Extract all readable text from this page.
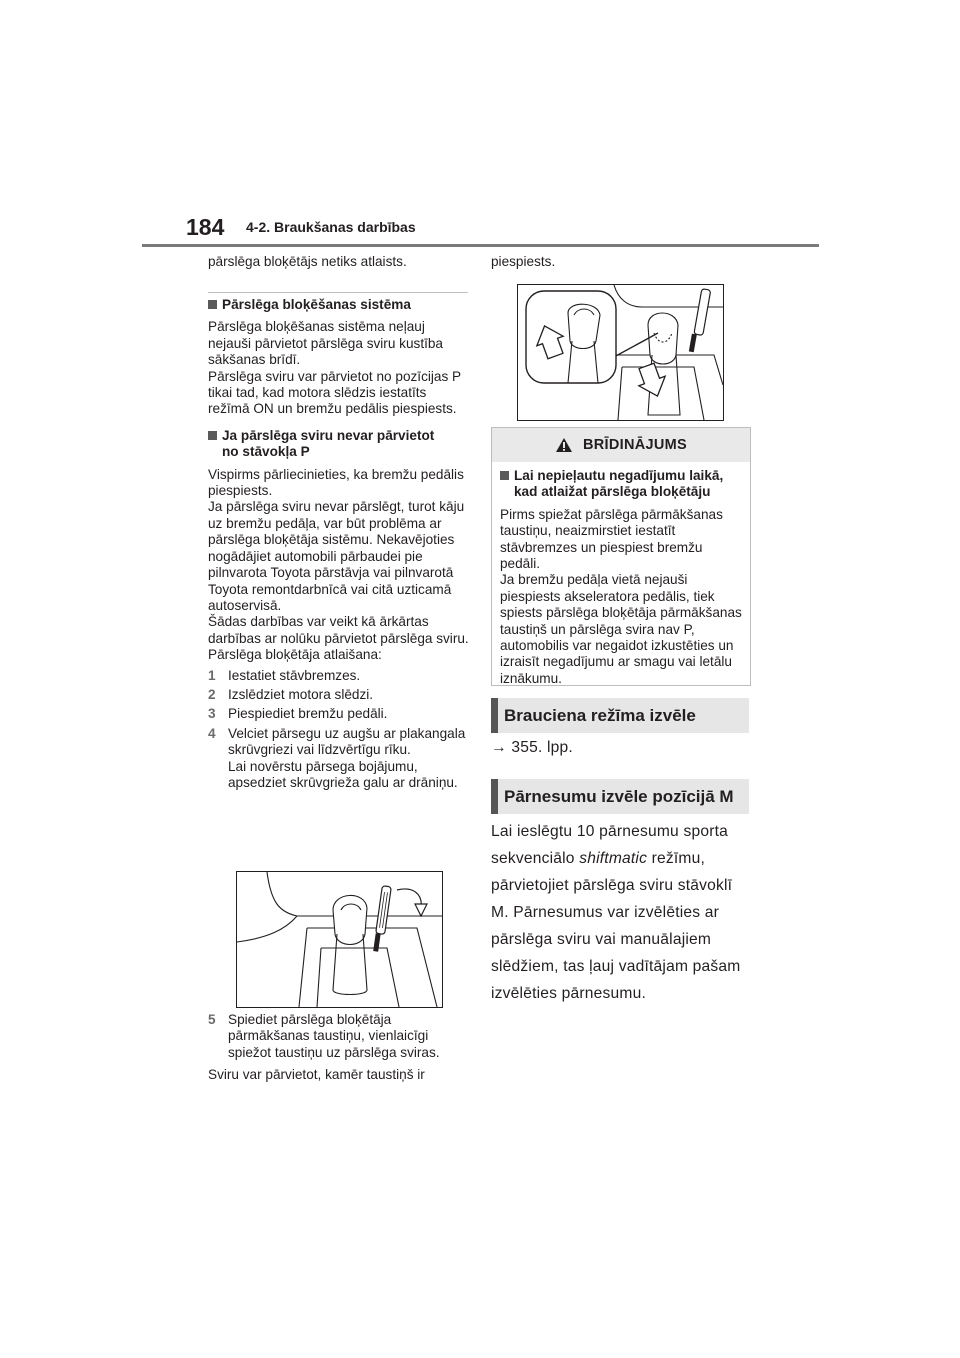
184 4-2. Braukšanas darbības

pārslēga bloķētājs netiks atlaists.

Pārslēga bloķēšanas sistēma

Pārslēga bloķēšanas sistēma neļauj nejauši pārvietot pārslēga sviru kustība sākšanas brīdī.
Pārslēga sviru var pārvietot no pozīcijas P tikai tad, kad motora slēdzis iestatīts režīmā ON un bremžu pedālis piespiests.

Ja pārslēga sviru nevar pārvietot
no stāvokļa P

Vispirms pārliecinieties, ka bremžu pedālis piespiests.
Ja pārslēga sviru nevar pārslēgt, turot kāju uz bremžu pedāļa, var būt problēma ar pārslēga bloķētāja sistēmu. Nekavējoties nogādājiet automobili pārbaudei pie pilnvarota Toyota pārstāvja vai pilnvarotā Toyota remontdarbnīcā vai citā uzticamā autoservisā.
Šādas darbības var veikt kā ārkārtas darbības ar nolūku pārvietot pārslēga sviru.
Pārslēga bloķētāja atlaišana:

1 Iestatiet stāvbremzes.
2 Izslēdziet motora slēdzi.
3 Piespiediet bremžu pedāli.
4 Velciet pārsegu uz augšu ar plakangala skrūvgriezi vai līdzvērtīgu rīku.
Lai novērstu pārsega bojājumu, apsedziet skrūvgrieža galu ar drāniņu.
5 Spiediet pārslēga bloķētāja pārmākšanas taustiņu, vienlaicīgi spiežot taustiņu uz pārslēga sviras.

Sviru var pārvietot, kamēr taustiņš ir

piespiests.

BRĪDINĀJUMS
Lai nepieļautu negadījumu laikā,
kad atlaižat pārslēga bloķētāju

Pirms spiežat pārslēga pārmākšanas taustiņu, neaizmirstiet iestatīt stāvbremzes un piespiest bremžu pedāli.
Ja bremžu pedāļa vietā nejauši piespiests akseleratora pedālis, tiek spiests pārslēga bloķētāja pārmākšanas taustiņš un pārslēga svira nav P, automobilis var negaidot izkustēties un izraisīt negadījumu ar smagu vai letālu iznākumu.

Brauciena režīma izvēle
→ 355. lpp.
Pārnesumu izvēle pozīcijā M
Lai ieslēgtu 10 pārnesumu sporta sekvenciālo shiftmatic režīmu, pārvietojiet pārslēga sviru stāvoklī M. Pārnesumus var izvēlēties ar pārslēga sviru vai manuālajiem slēdžiem, tas ļauj vadītājam pašam izvēlēties pārnesumu.
